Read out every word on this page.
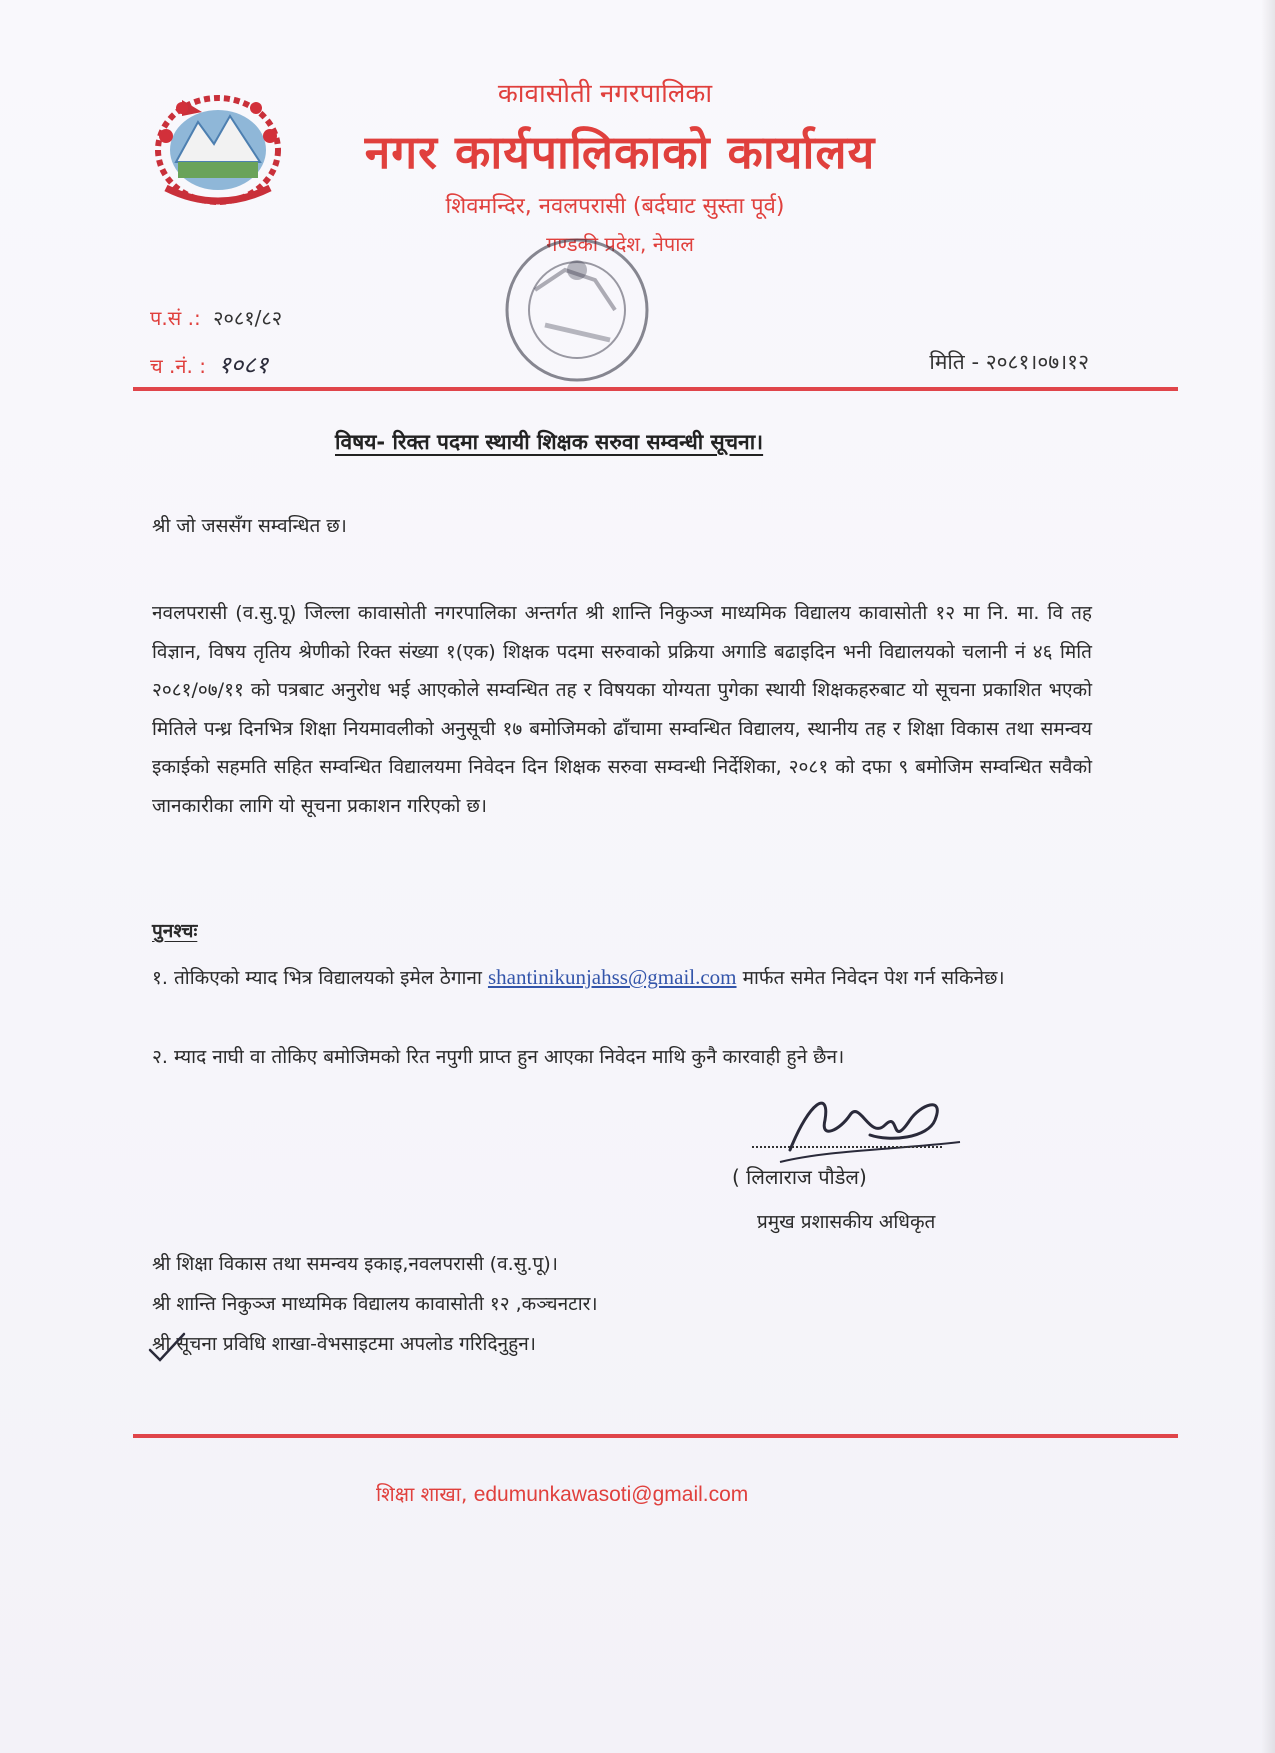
कावासोती नगरपालिका
नगर कार्यपालिकाको कार्यालय
शिवमन्दिर, नवलपरासी (बर्दघाट सुस्ता पूर्व)
गण्डकी प्रदेश, नेपाल
प.सं .: २०८१/८२
च .नं. : १०८१	मिति - २०८१।०७।१२
विषय- रिक्त पदमा स्थायी शिक्षक सरुवा सम्वन्धी सूचना।
श्री जो जससँग सम्वन्धित छ।
नवलपरासी (व.सु.पू) जिल्ला कावासोती नगरपालिका अन्तर्गत श्री शान्ति निकुञ्ज माध्यमिक विद्यालय कावासोती १२ मा नि. मा. वि तह विज्ञान, विषय तृतिय श्रेणीको रिक्त संख्या १(एक) शिक्षक पदमा सरुवाको प्रक्रिया अगाडि बढाइदिन भनी विद्यालयको चलानी नं ४६ मिति २०८१/०७/११ को पत्रबाट अनुरोध भई आएकोले सम्वन्धित तह र विषयका योग्यता पुगेका स्थायी शिक्षकहरुबाट यो सूचना प्रकाशित भएको मितिले पन्ध्र दिनभित्र शिक्षा नियमावलीको अनुसूची १७ बमोजिमको ढाँचामा सम्वन्धित विद्यालय, स्थानीय तह र शिक्षा विकास तथा समन्वय इकाईको सहमति सहित सम्वन्धित विद्यालयमा निवेदन दिन शिक्षक सरुवा सम्वन्धी निर्देशिका, २०८१ को दफा ९ बमोजिम सम्वन्धित सवैको जानकारीका लागि यो सूचना प्रकाशन गरिएको छ।
पुनश्चः
१. तोकिएको म्याद भित्र विद्यालयको इमेल ठेगाना shantinikunjahss@gmail.com मार्फत समेत निवेदन पेश गर्न सकिनेछ।
२. म्याद नाघी वा तोकिए बमोजिमको रित नपुगी प्राप्त हुन आएका निवेदन माथि कुनै कारवाही हुने छैन।
( लिलाराज पौडेल)
प्रमुख प्रशासकीय अधिकृत
श्री शिक्षा विकास तथा समन्वय इकाइ,नवलपरासी (व.सु.पू)।
श्री शान्ति निकुञ्ज माध्यमिक विद्यालय कावासोती १२ ,कञ्चनटार।
श्री सूचना प्रविधि शाखा-वेभसाइटमा अपलोड गरिदिनुहुन।
शिक्षा शाखा, edumunkawasoti@gmail.com
